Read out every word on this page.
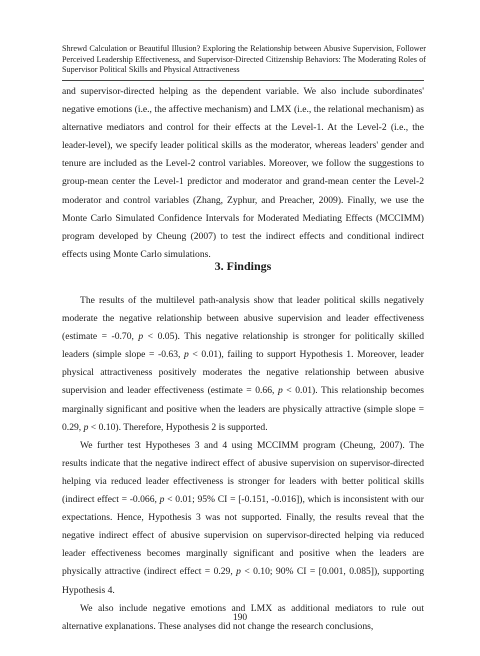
Shrewd Calculation or Beautiful Illusion? Exploring the Relationship between Abusive Supervision, Follower Perceived Leadership Effectiveness, and Supervisor-Directed Citizenship Behaviors: The Moderating Roles of Supervisor Political Skills and Physical Attractiveness

and supervisor-directed helping as the dependent variable. We also include subordinates' negative emotions (i.e., the affective mechanism) and LMX (i.e., the relational mechanism) as alternative mediators and control for their effects at the Level-1. At the Level-2 (i.e., the leader-level), we specify leader political skills as the moderator, whereas leaders' gender and tenure are included as the Level-2 control variables. Moreover, we follow the suggestions to group-mean center the Level-1 predictor and moderator and grand-mean center the Level-2 moderator and control variables (Zhang, Zyphur, and Preacher, 2009). Finally, we use the Monte Carlo Simulated Confidence Intervals for Moderated Mediating Effects (MCCIMM) program developed by Cheung (2007) to test the indirect effects and conditional indirect effects using Monte Carlo simulations.

3. Findings

The results of the multilevel path-analysis show that leader political skills negatively moderate the negative relationship between abusive supervision and leader effectiveness (estimate = -0.70, p < 0.05). This negative relationship is stronger for politically skilled leaders (simple slope = -0.63, p < 0.01), failing to support Hypothesis 1. Moreover, leader physical attractiveness positively moderates the negative relationship between abusive supervision and leader effectiveness (estimate = 0.66, p < 0.01). This relationship becomes marginally significant and positive when the leaders are physically attractive (simple slope = 0.29, p < 0.10). Therefore, Hypothesis 2 is supported.

We further test Hypotheses 3 and 4 using MCCIMM program (Cheung, 2007). The results indicate that the negative indirect effect of abusive supervision on supervisor-directed helping via reduced leader effectiveness is stronger for leaders with better political skills (indirect effect = -0.066, p < 0.01; 95% CI = [-0.151, -0.016]), which is inconsistent with our expectations. Hence, Hypothesis 3 was not supported. Finally, the results reveal that the negative indirect effect of abusive supervision on supervisor-directed helping via reduced leader effectiveness becomes marginally significant and positive when the leaders are physically attractive (indirect effect = 0.29, p < 0.10; 90% CI = [0.001, 0.085]), supporting Hypothesis 4.

We also include negative emotions and LMX as additional mediators to rule out alternative explanations. These analyses did not change the research conclusions,

190
